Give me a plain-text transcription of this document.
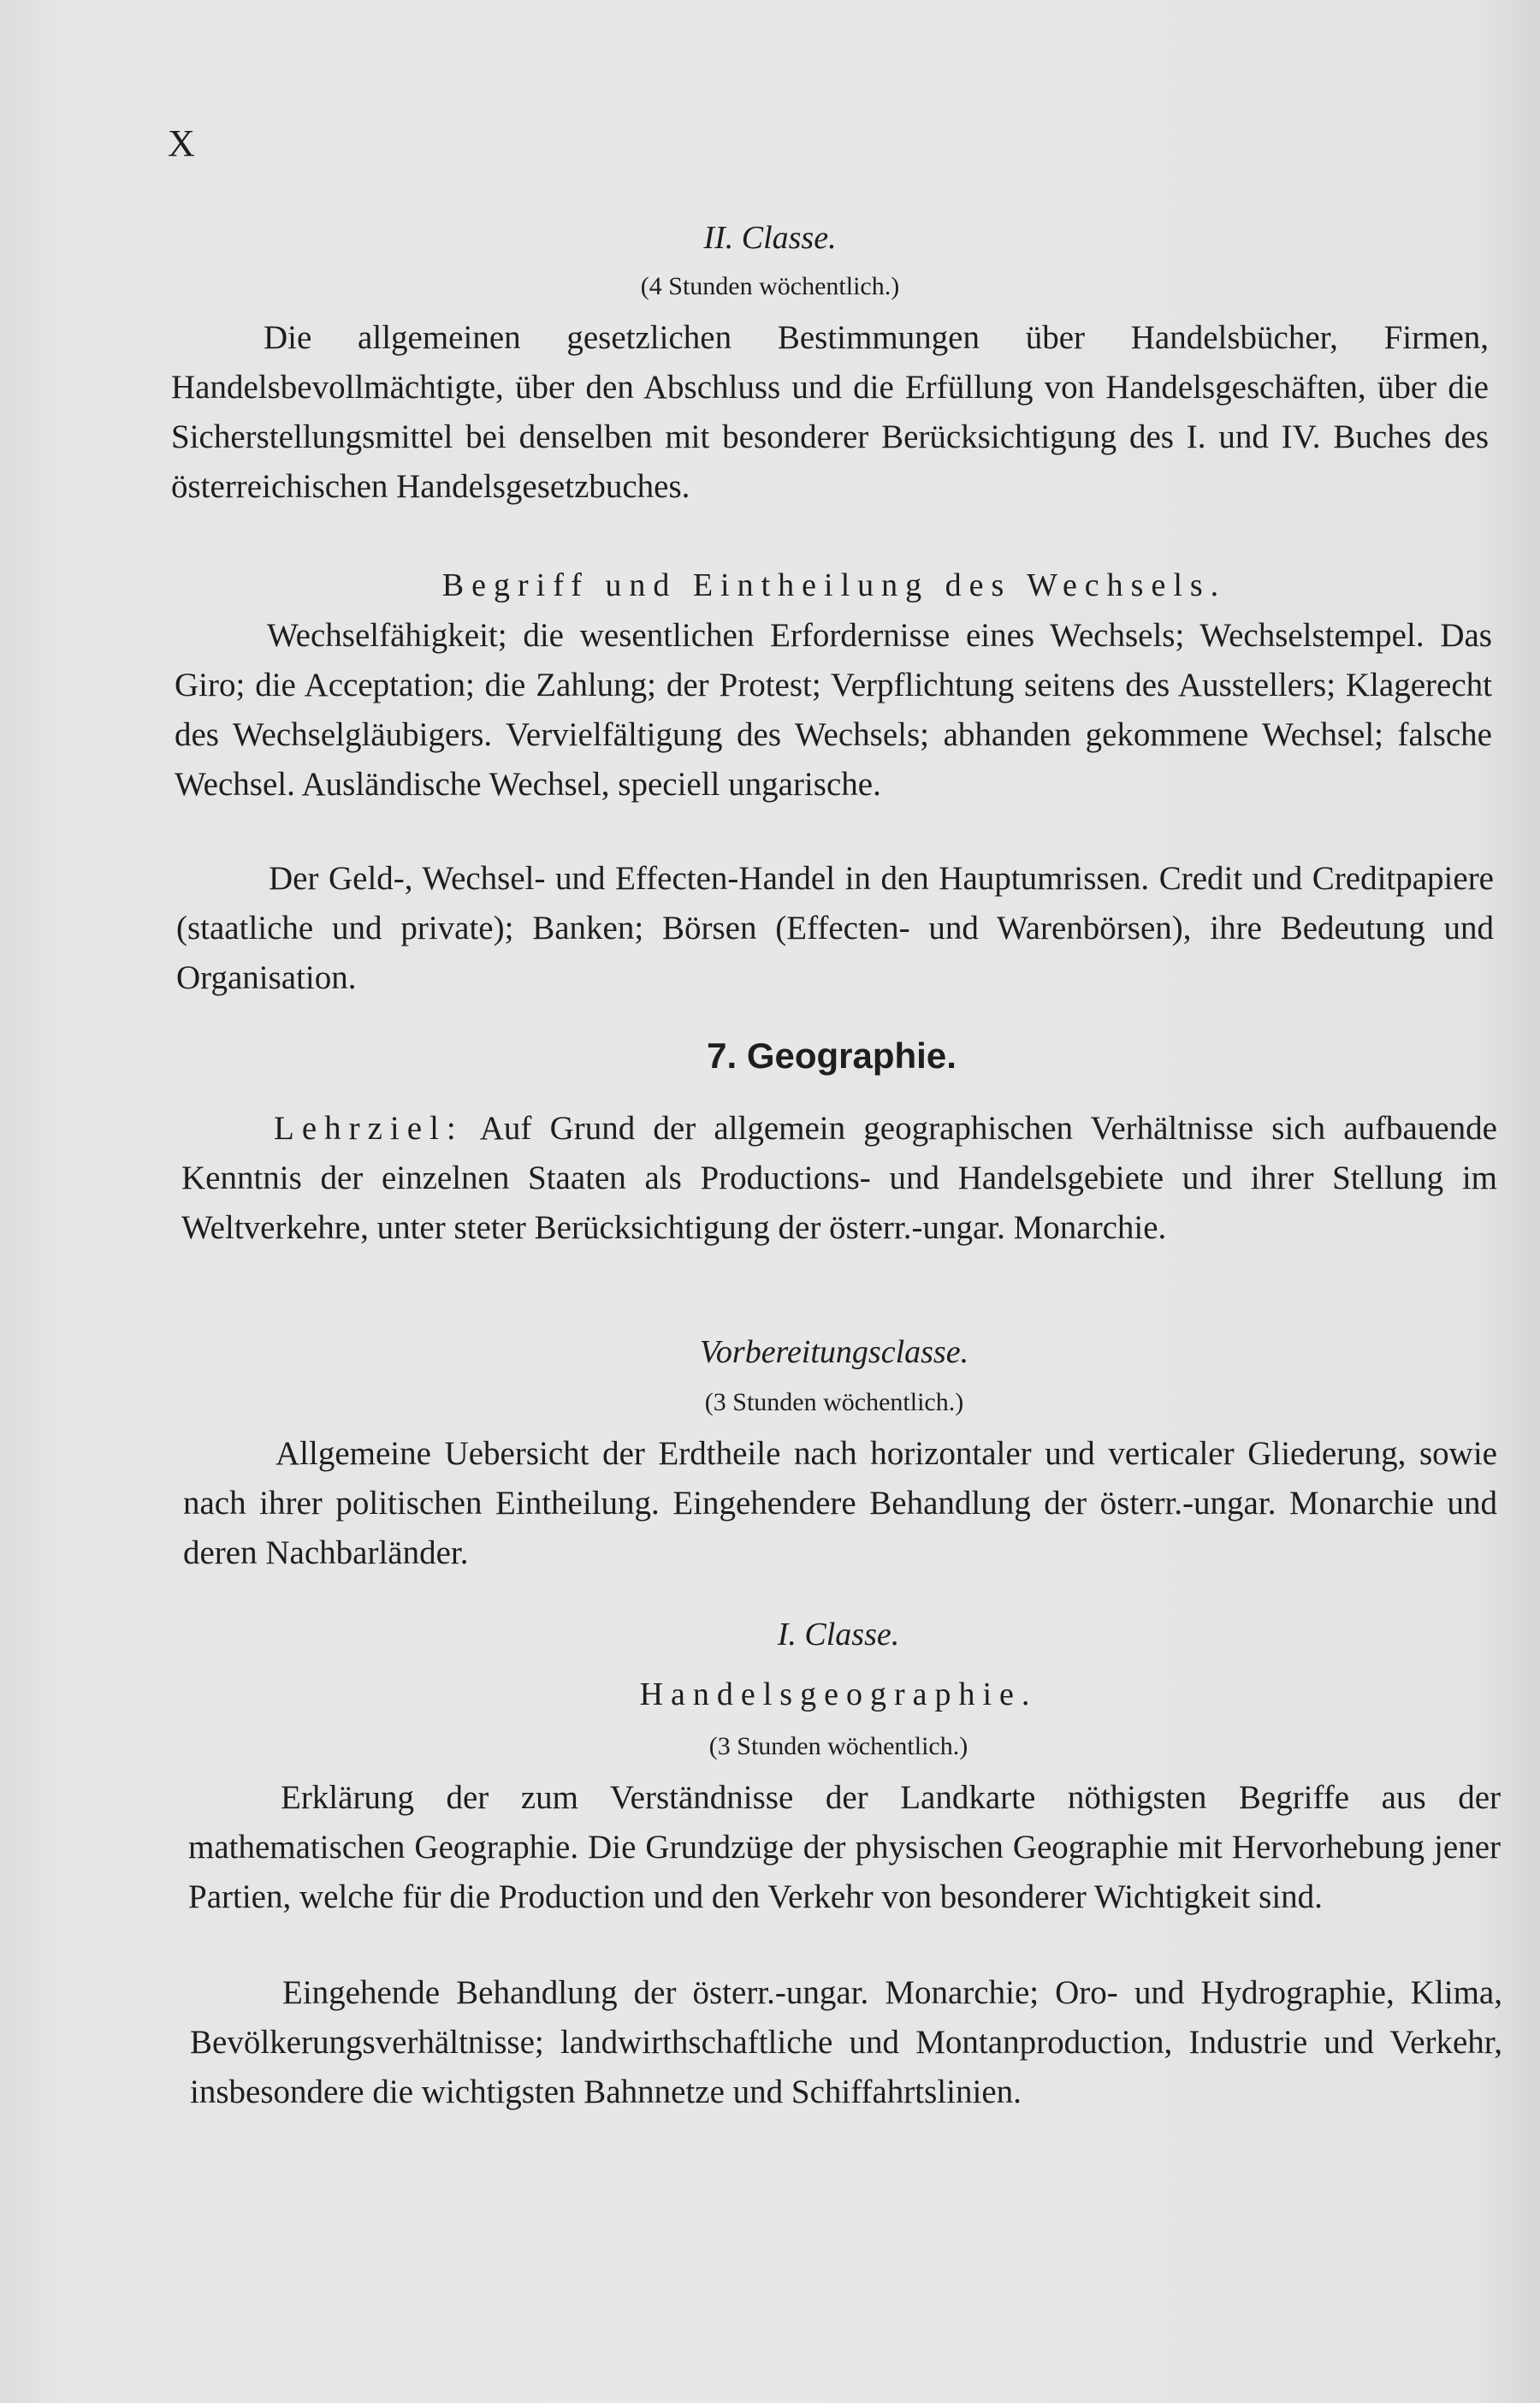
X
II. Classe.
(4 Stunden wöchentlich.)

Die allgemeinen gesetzlichen Bestimmungen über Handelsbücher, Firmen, Handelsbevollmächtigte, über den Abschluss und die Erfüllung von Handelsgeschäften, über die Sicherstellungsmittel bei denselben mit besonderer Berücksichtigung des I. und IV. Buches des österreichischen Handelsgesetzbuches.

Begriff und Eintheilung des Wechsels.

Wechselfähigkeit; die wesentlichen Erfordernisse eines Wechsels; Wechselstempel. Das Giro; die Acceptation; die Zahlung; der Protest; Verpflichtung seitens des Ausstellers; Klagerecht des Wechselgläubigers. Vervielfältigung des Wechsels; abhanden gekommene Wechsel; falsche Wechsel. Ausländische Wechsel, speciell ungarische.

Der Geld-, Wechsel- und Effecten-Handel in den Hauptumrissen. Credit und Creditpapiere (staatliche und private); Banken; Börsen (Effecten- und Warenbörsen), ihre Bedeutung und Organisation.

7. Geographie.

Lehrziel: Auf Grund der allgemein geographischen Verhältnisse sich aufbauende Kenntnis der einzelnen Staaten als Productions- und Handelsgebiete und ihrer Stellung im Weltverkehre, unter steter Berücksichtigung der österr.-ungar. Monarchie.

Vorbereitungsclasse.
(3 Stunden wöchentlich.)

Allgemeine Uebersicht der Erdtheile nach horizontaler und verticaler Gliederung, sowie nach ihrer politischen Eintheilung. Eingehendere Behandlung der österr.-ungar. Monarchie und deren Nachbarländer.

I. Classe.
Handelsgeographie.
(3 Stunden wöchentlich.)

Erklärung der zum Verständnisse der Landkarte nöthigsten Begriffe aus der mathematischen Geographie. Die Grundzüge der physischen Geographie mit Hervorhebung jener Partien, welche für die Production und den Verkehr von besonderer Wichtigkeit sind.

Eingehende Behandlung der österr.-ungar. Monarchie; Oro- und Hydrographie, Klima, Bevölkerungsverhältnisse; landwirthschaftliche und Montanproduction, Industrie und Verkehr, insbesondere die wichtigsten Bahnnetze und Schiffahrtslinien.
